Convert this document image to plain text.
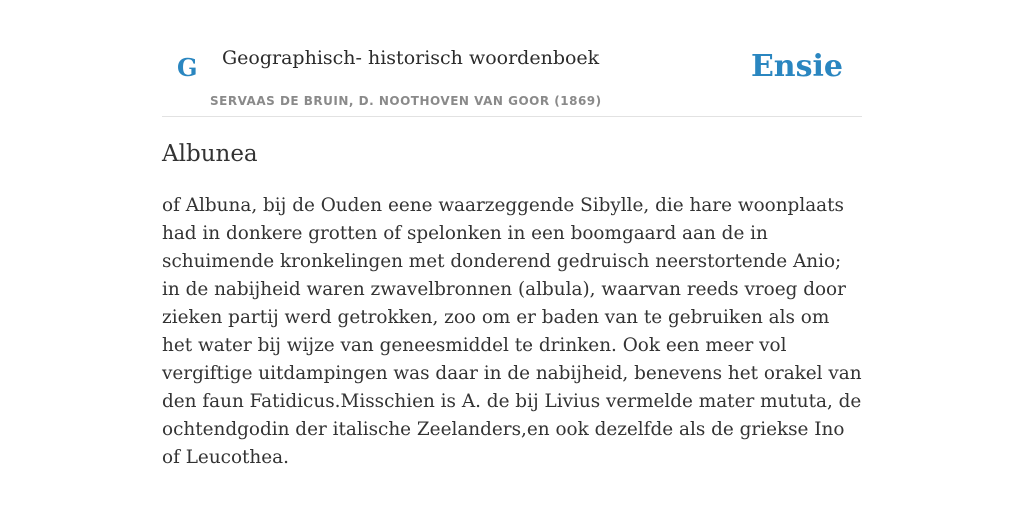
G Geographisch- historisch woordenboek
SERVAAS DE BRUIN, D. NOOTHOVEN VAN GOOR (1869)
Ensie
Albunea

of Albuna, bij de Ouden eene waarzeggende Sibylle, die hare woonplaats had in donkere grotten of spelonken in een boomgaard aan de in schuimende kronkelingen met donderend gedruisch neerstortende Anio; in de nabijheid waren zwavelbronnen (albula), waarvan reeds vroeg door zieken partij werd getrokken, zoo om er baden van te gebruiken als om het water bij wijze van geneesmiddel te drinken. Ook een meer vol vergiftige uitdampingen was daar in de nabijheid, benevens het orakel van den faun Fatidicus.Misschien is A. de bij Livius vermelde mater mututa, de ochtendgodin der italische Zeelanders,en ook dezelfde als de griekse Ino of Leucothea.
